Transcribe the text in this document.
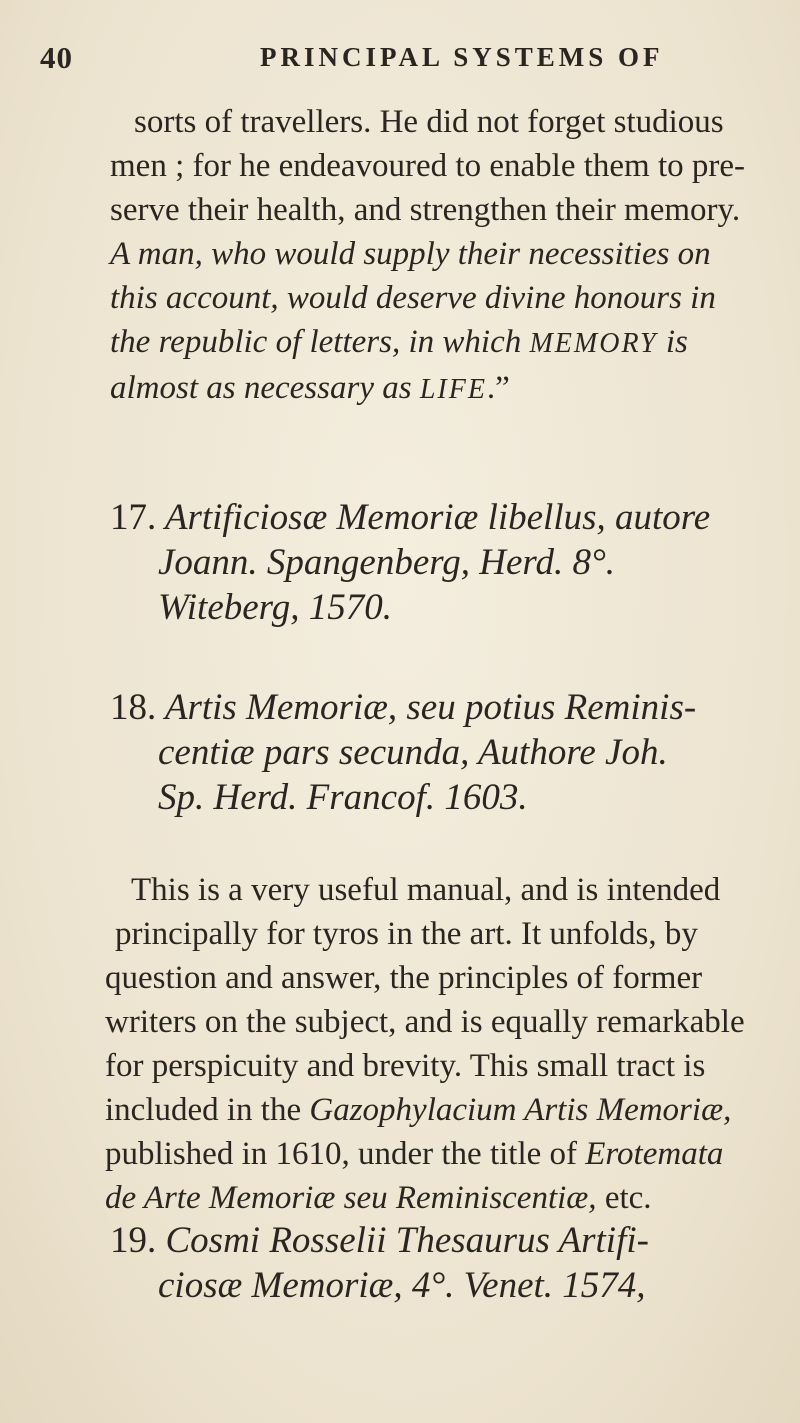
40	PRINCIPAL SYSTEMS OF
sorts of travellers. He did not forget studious
men ; for he endeavoured to enable them to pre-
serve their health, and strengthen their memory.
A man, who would supply their necessities on
this account, would deserve divine honours in
the republic of letters, in which MEMORY is
almost as necessary as LIFE.”
17. Artificiosæ Memoriæ libellus, autore
Joann. Spangenberg, Herd. 8°.
Witeberg, 1570.
18. Artis Memoriæ, seu potius Reminis-
centiæ pars secunda, Authore Joh.
Sp. Herd. Francof. 1603.
This is a very useful manual, and is intended
principally for tyros in the art. It unfolds, by
question and answer, the principles of former
writers on the subject, and is equally remarkable
for perspicuity and brevity. This small tract is
included in the Gazophylacium Artis Memoriæ,
published in 1610, under the title of Erotemata
de Arte Memoriæ seu Reminiscentiæ, etc.
19. Cosmi Rosselii Thesaurus Artifi-
ciosæ Memoriæ, 4°. Venet. 1574,
